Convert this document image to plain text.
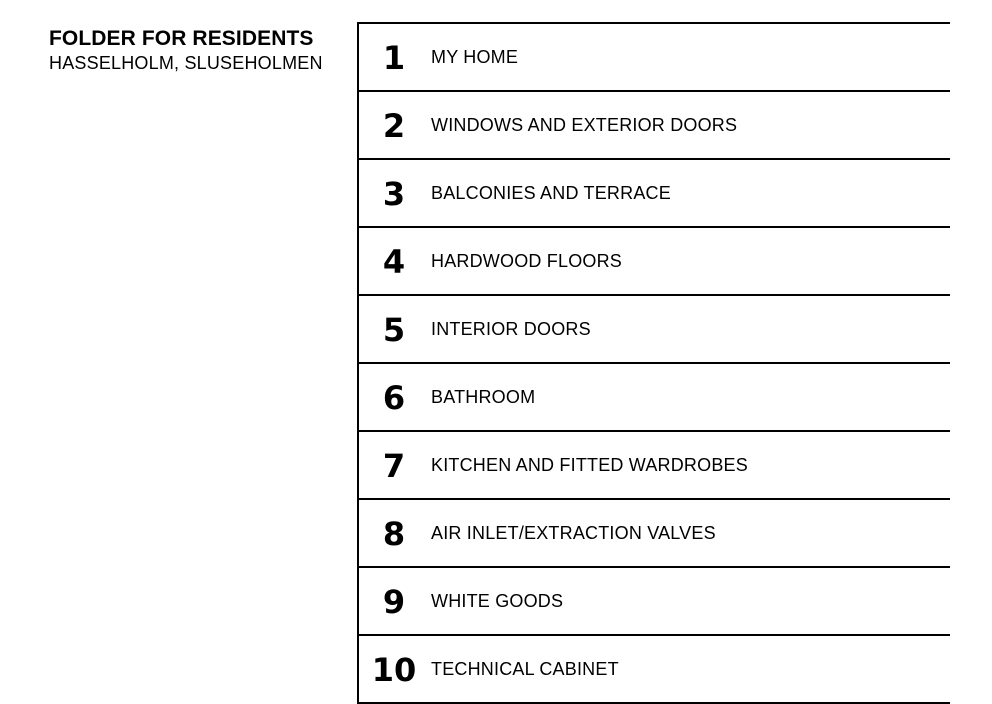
FOLDER FOR RESIDENTS
HASSELHOLM, SLUSEHOLMEN	1	MY HOME
2	WINDOWS AND EXTERIOR DOORS
3	BALCONIES AND TERRACE
4	HARDWOOD FLOORS
5	INTERIOR DOORS
6	BATHROOM
7	KITCHEN AND FITTED WARDROBES
8	AIR INLET/EXTRACTION VALVES
9	WHITE GOODS
10 TECHNICAL CABINET
